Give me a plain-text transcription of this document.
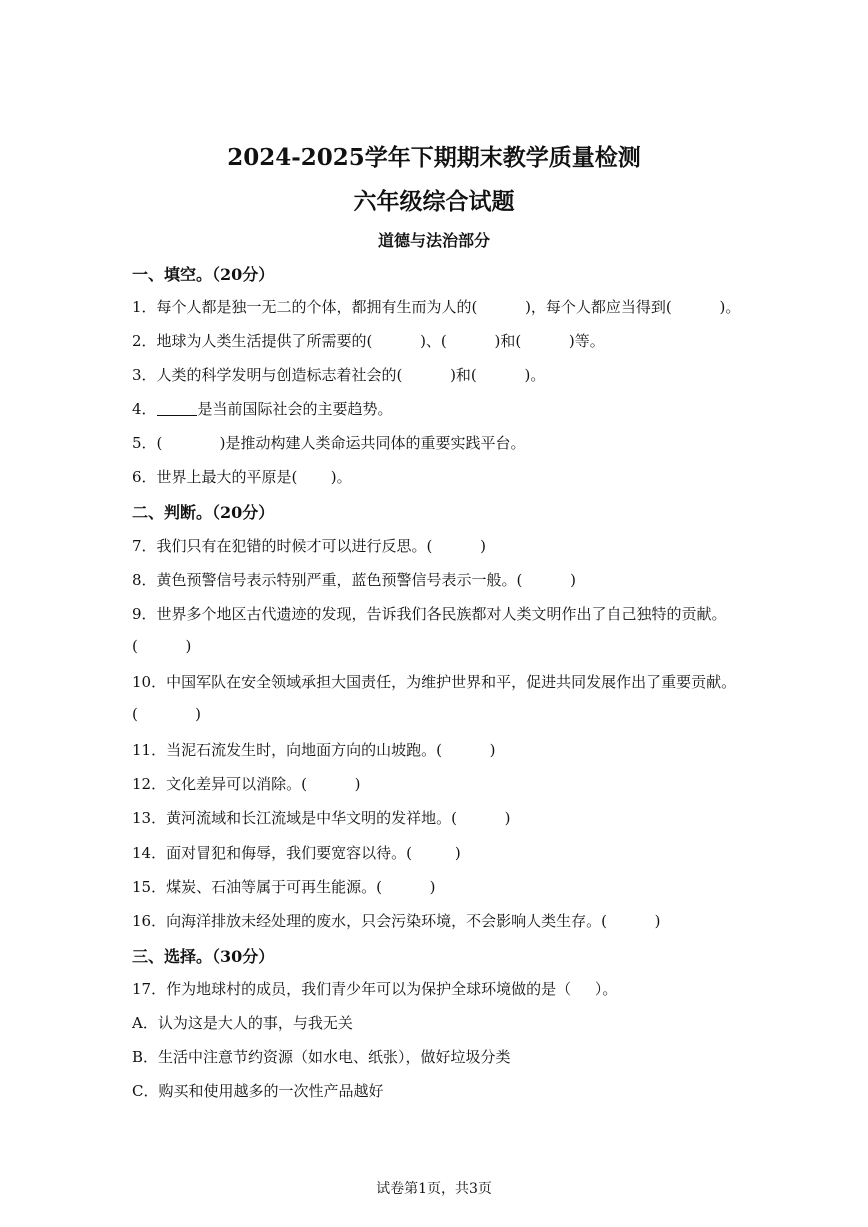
2024-2025学年下期期末教学质量检测
六年级综合试题
道德与法治部分
一、填空。（20分）
1．每个人都是独一无二的个体，都拥有生而为人的(          )，每个人都应当得到(          )。
2．地球为人类生活提供了所需要的(          )、(          )和(          )等。
3．人类的科学发明与创造标志着社会的(          )和(          )。
4．	是当前国际社会的主要趋势。
5．(            )是推动构建人类命运共同体的重要实践平台。
6．世界上最大的平原是(       )。
二、判断。（20分）
7．我们只有在犯错的时候才可以进行反思。(          )
8．黄色预警信号表示特别严重，蓝色预警信号表示一般。(          )
9．世界多个地区古代遗迹的发现，告诉我们各民族都对人类文明作出了自己独特的贡献。
(          )
10．中国军队在安全领域承担大国责任，为维护世界和平，促进共同发展作出了重要贡献。
(            )
11．当泥石流发生时，向地面方向的山坡跑。(          )
12．文化差异可以消除。(          )
13．黄河流域和长江流域是中华文明的发祥地。(          )
14．面对冒犯和侮辱，我们要宽容以待。(         )
15．煤炭、石油等属于可再生能源。(          )
16．向海洋排放未经处理的废水，只会污染环境，不会影响人类生存。(          )
三、选择。（30分）
17．作为地球村的成员，我们青少年可以为保护全球环境做的是（     ）。
A．认为这是大人的事，与我无关
B．生活中注意节约资源（如水电、纸张），做好垃圾分类
C．购买和使用越多的一次性产品越好
试卷第1页，共3页
